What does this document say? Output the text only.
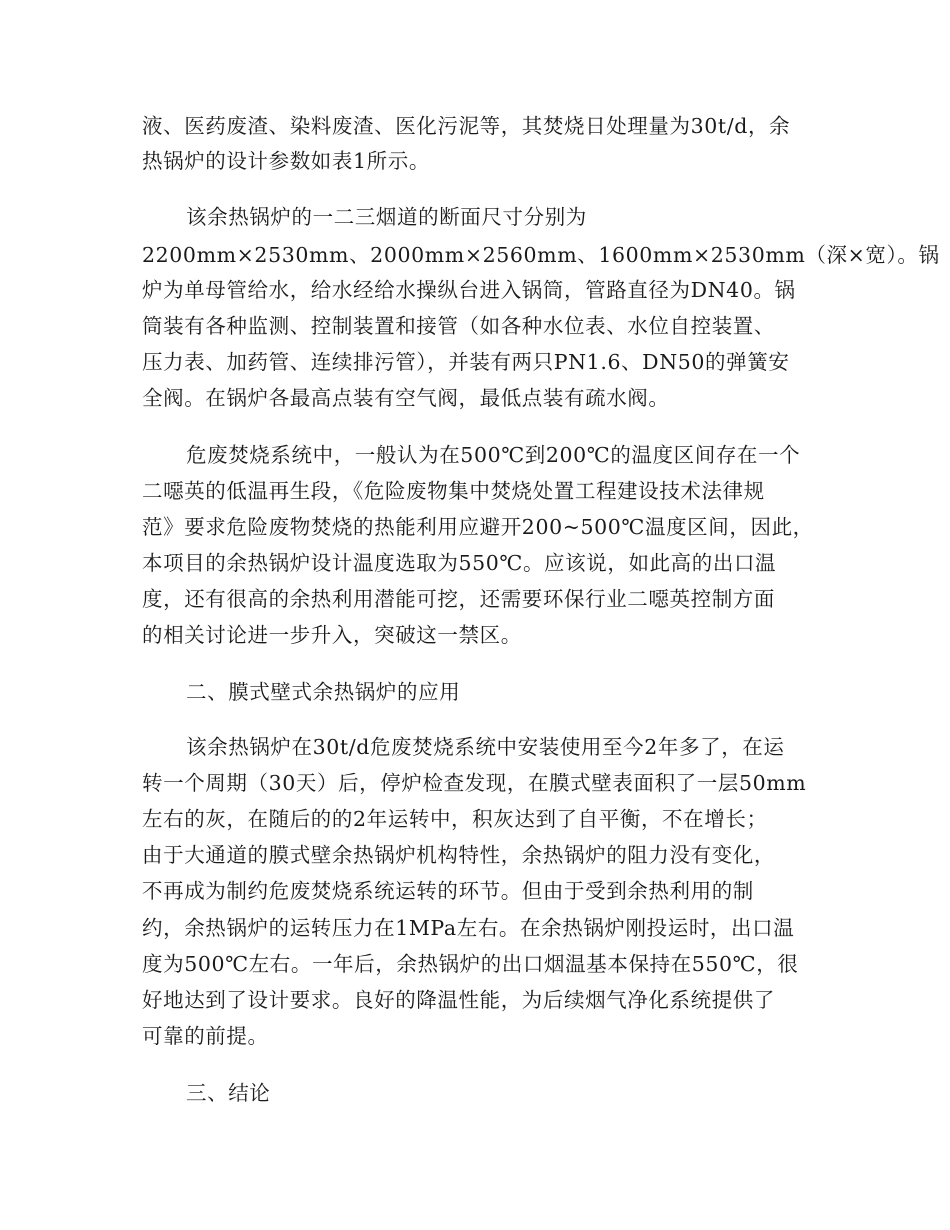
液、医药废渣、染料废渣、医化污泥等，其焚烧日处理量为30t/d，余
热锅炉的设计参数如表1所示。
该余热锅炉的一二三烟道的断面尺寸分别为
2200mm×2530mm、2000mm×2560mm、1600mm×2530mm（深×宽）。锅
炉为单母管给水，给水经给水操纵台进入锅筒，管路直径为DN40。锅
筒装有各种监测、控制装置和接管（如各种水位表、水位自控装置、
压力表、加药管、连续排污管），并装有两只PN1.6、DN50的弹簧安
全阀。在锅炉各最高点装有空气阀，最低点装有疏水阀。
危废焚烧系统中，一般认为在500℃到200℃的温度区间存在一个
二噁英的低温再生段，《危险废物集中焚烧处置工程建设技术法律规
范》要求危险废物焚烧的热能利用应避开200~500℃温度区间，因此，
本项目的余热锅炉设计温度选取为550℃。应该说，如此高的出口温
度，还有很高的余热利用潜能可挖，还需要环保行业二噁英控制方面
的相关讨论进一步升入，突破这一禁区。
二、膜式壁式余热锅炉的应用
该余热锅炉在30t/d危废焚烧系统中安装使用至今2年多了，在运
转一个周期（30天）后，停炉检查发现，在膜式壁表面积了一层50mm
左右的灰，在随后的的2年运转中，积灰达到了自平衡，不在增长；
由于大通道的膜式壁余热锅炉机构特性，余热锅炉的阻力没有变化，
不再成为制约危废焚烧系统运转的环节。但由于受到余热利用的制
约，余热锅炉的运转压力在1MPa左右。在余热锅炉刚投运时，出口温
度为500℃左右。一年后，余热锅炉的出口烟温基本保持在550℃，很
好地达到了设计要求。良好的降温性能，为后续烟气净化系统提供了
可靠的前提。
三、结论
